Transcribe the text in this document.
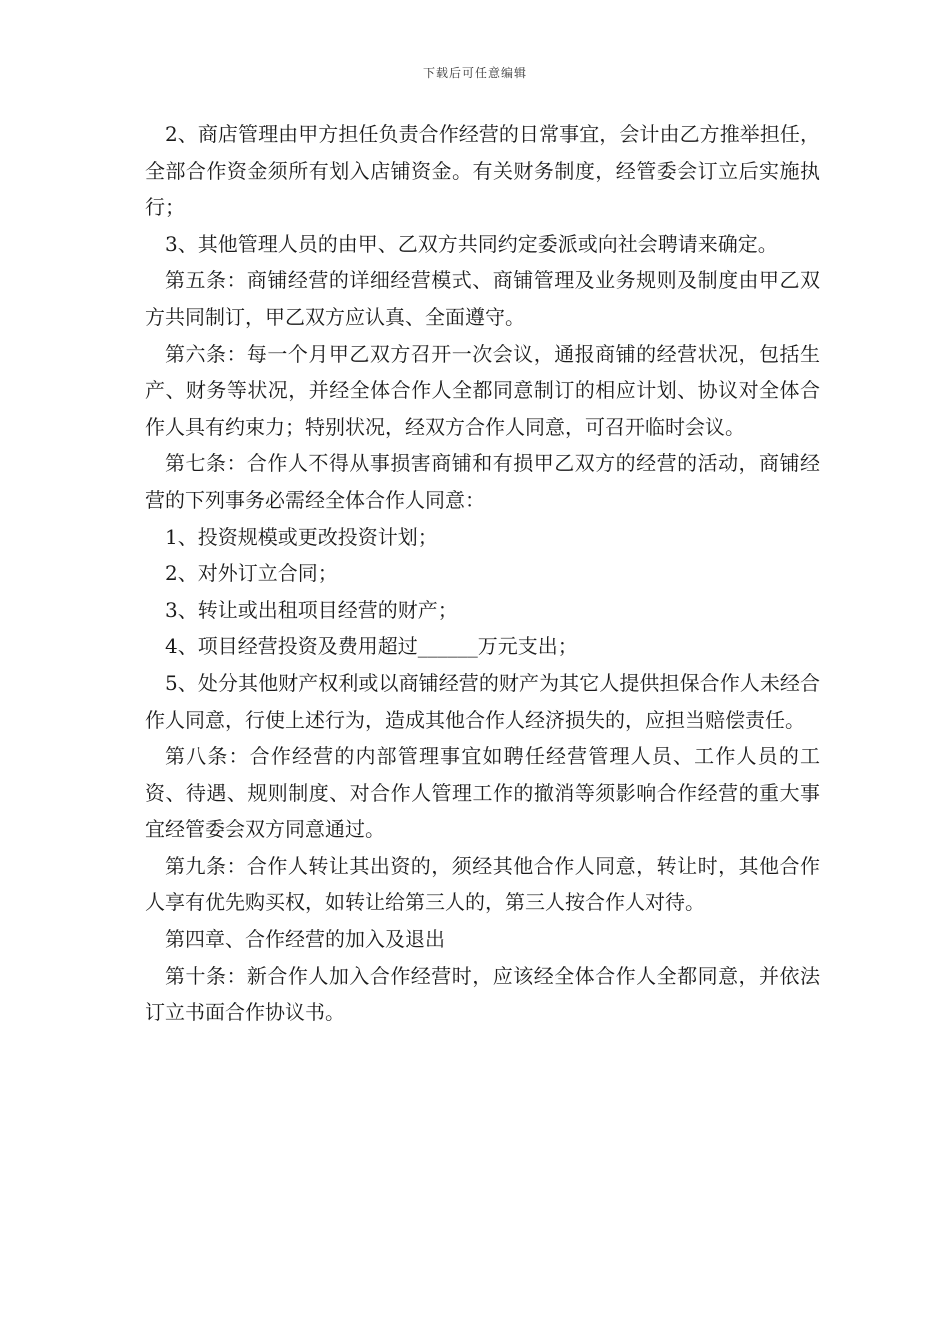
下载后可任意编辑

2、商店管理由甲方担任负责合作经营的日常事宜，会计由乙方推举担任，全部合作资金须所有划入店铺资金。有关财务制度，经管委会订立后实施执行；

3、其他管理人员的由甲、乙双方共同约定委派或向社会聘请来确定。

第五条：商铺经营的详细经营模式、商铺管理及业务规则及制度由甲乙双方共同制订，甲乙双方应认真、全面遵守。

第六条：每一个月甲乙双方召开一次会议，通报商铺的经营状况，包括生产、财务等状况，并经全体合作人全都同意制订的相应计划、协议对全体合作人具有约束力；特别状况，经双方合作人同意，可召开临时会议。

第七条：合作人不得从事损害商铺和有损甲乙双方的经营的活动，商铺经营的下列事务必需经全体合作人同意：

1、投资规模或更改投资计划；

2、对外订立合同；

3、转让或出租项目经营的财产；

4、项目经营投资及费用超过______万元支出；

5、处分其他财产权利或以商铺经营的财产为其它人提供担保合作人未经合作人同意，行使上述行为，造成其他合作人经济损失的，应担当赔偿责任。

第八条：合作经营的内部管理事宜如聘任经营管理人员、工作人员的工资、待遇、规则制度、对合作人管理工作的撤消等须影响合作经营的重大事宜经管委会双方同意通过。

第九条：合作人转让其出资的，须经其他合作人同意，转让时，其他合作人享有优先购买权，如转让给第三人的，第三人按合作人对待。

第四章、合作经营的加入及退出

第十条：新合作人加入合作经营时，应该经全体合作人全都同意，并依法订立书面合作协议书。
